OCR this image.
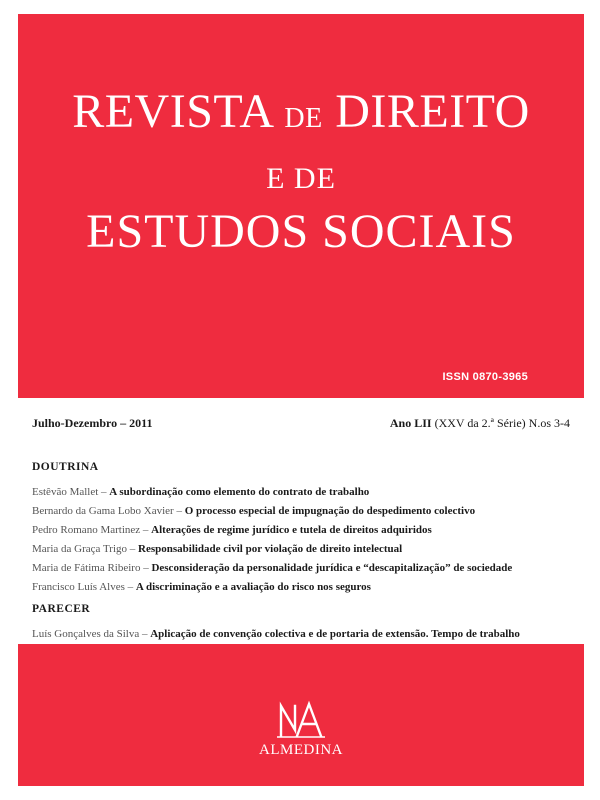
REVISTA DE DIREITO
E DE
ESTUDOS SOCIAIS
ISSN 0870-3965
Julho-Dezembro – 2011	Ano LII (XXV da 2.ª Série) N.os 3-4
DOUTRINA
Estêvão Mallet – A subordinação como elemento do contrato de trabalho
Bernardo da Gama Lobo Xavier – O processo especial de impugnação do despedimento colectivo
Pedro Romano Martinez – Alterações de regime jurídico e tutela de direitos adquiridos
Maria da Graça Trigo – Responsabilidade civil por violação de direito intelectual
Maria de Fátima Ribeiro – Desconsideração da personalidade jurídica e “descapitalização” de sociedade
Francisco Luís Alves – A discriminação e a avaliação do risco nos seguros
PARECER
Luís Gonçalves da Silva – Aplicação de convenção colectiva e de portaria de extensão. Tempo de trabalho
ALMEDINA
